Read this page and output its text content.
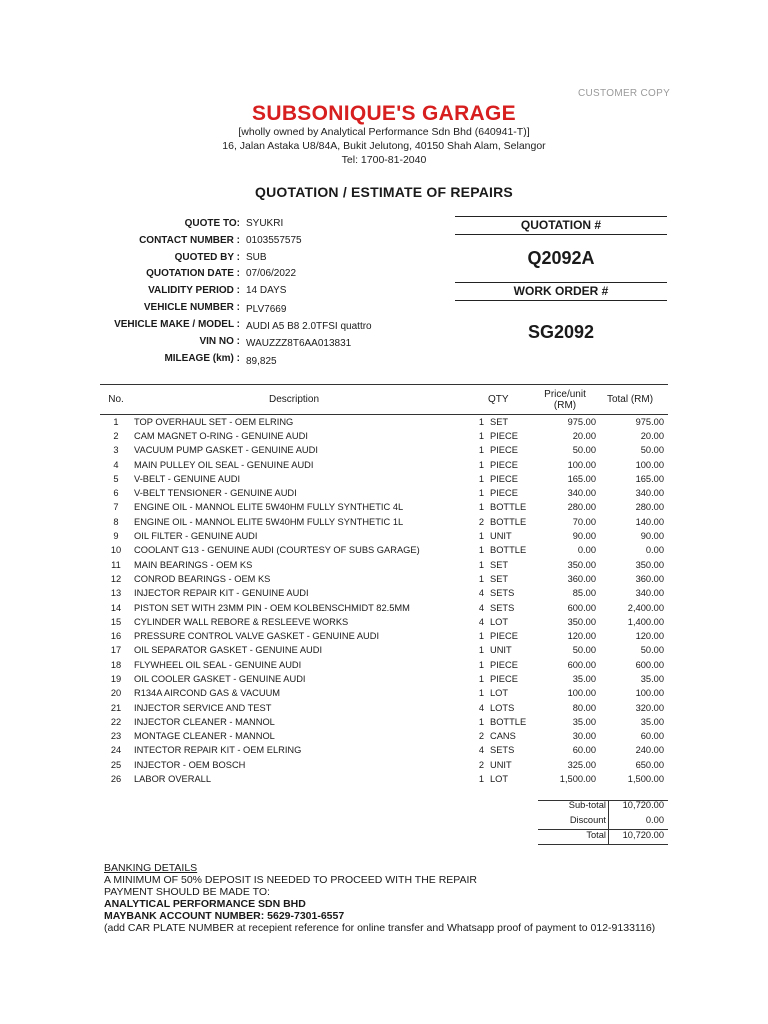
CUSTOMER COPY
SUBSONIQUE'S GARAGE
[wholly owned by Analytical Performance Sdn Bhd (640941-T)]
16, Jalan Astaka U8/84A, Bukit Jelutong, 40150 Shah Alam, Selangor
Tel: 1700-81-2040
QUOTATION / ESTIMATE OF REPAIRS
QUOTE TO: SYUKRI
CONTACT NUMBER : 0103557575
QUOTED BY : SUB
QUOTATION DATE : 07/06/2022
VALIDITY PERIOD : 14 DAYS
VEHICLE NUMBER : PLV7669
VEHICLE MAKE / MODEL : AUDI A5 B8 2.0TFSI quattro
VIN NO : WAUZZZ8T6AA013831
MILEAGE (km) : 89,825
QUOTATION #
Q2092A
WORK ORDER #
SG2092
No.	Description	QTY		Price/unit
(RM)	Total (RM)
1	TOP OVERHAUL SET - OEM ELRING	1	SET	975.00	975.00
2	CAM MAGNET O-RING - GENUINE AUDI	1	PIECE	20.00	20.00
3	VACUUM PUMP GASKET - GENUINE AUDI	1	PIECE	50.00	50.00
4	MAIN PULLEY OIL SEAL - GENUINE AUDI	1	PIECE	100.00	100.00
5	V-BELT - GENUINE AUDI	1	PIECE	165.00	165.00
6	V-BELT TENSIONER - GENUINE AUDI	1	PIECE	340.00	340.00
7	ENGINE OIL - MANNOL ELITE 5W40HM FULLY SYNTHETIC 4L	1	BOTTLE	280.00	280.00
8	ENGINE OIL - MANNOL ELITE 5W40HM FULLY SYNTHETIC 1L	2	BOTTLE	70.00	140.00
9	OIL FILTER - GENUINE AUDI	1	UNIT	90.00	90.00
10	COOLANT G13 - GENUINE AUDI (COURTESY OF SUBS GARAGE)	1	BOTTLE	0.00	0.00
11	MAIN BEARINGS - OEM KS	1	SET	350.00	350.00
12	CONROD BEARINGS - OEM KS	1	SET	360.00	360.00
13	INJECTOR REPAIR KIT - GENUINE AUDI	4	SETS	85.00	340.00
14	PISTON SET WITH 23MM PIN - OEM KOLBENSCHMIDT 82.5MM	4	SETS	600.00	2,400.00
15	CYLINDER WALL REBORE & RESLEEVE WORKS	4	LOT	350.00	1,400.00
16	PRESSURE CONTROL VALVE GASKET - GENUINE AUDI	1	PIECE	120.00	120.00
17	OIL SEPARATOR GASKET - GENUINE AUDI	1	UNIT	50.00	50.00
18	FLYWHEEL OIL SEAL - GENUINE AUDI	1	PIECE	600.00	600.00
19	OIL COOLER GASKET - GENUINE AUDI	1	PIECE	35.00	35.00
20	R134A AIRCOND GAS & VACUUM	1	LOT	100.00	100.00
21	INJECTOR SERVICE AND TEST	4	LOTS	80.00	320.00
22	INJECTOR CLEANER - MANNOL	1	BOTTLE	35.00	35.00
23	MONTAGE CLEANER - MANNOL	2	CANS	30.00	60.00
24	INTECTOR REPAIR KIT - OEM ELRING	4	SETS	60.00	240.00
25	INJECTOR - OEM BOSCH	2	UNIT	325.00	650.00
26	LABOR OVERALL	1	LOT	1,500.00	1,500.00
Sub-total 10,720.00
Discount	0.00
Total 10,720.00
BANKING DETAILS
A MINIMUM OF 50% DEPOSIT IS NEEDED TO PROCEED WITH THE REPAIR
PAYMENT SHOULD BE MADE TO:
ANALYTICAL PERFORMANCE SDN BHD
MAYBANK ACCOUNT NUMBER: 5629-7301-6557
(add CAR PLATE NUMBER at recepient reference for online transfer and Whatsapp proof of payment to 012-9133116)
